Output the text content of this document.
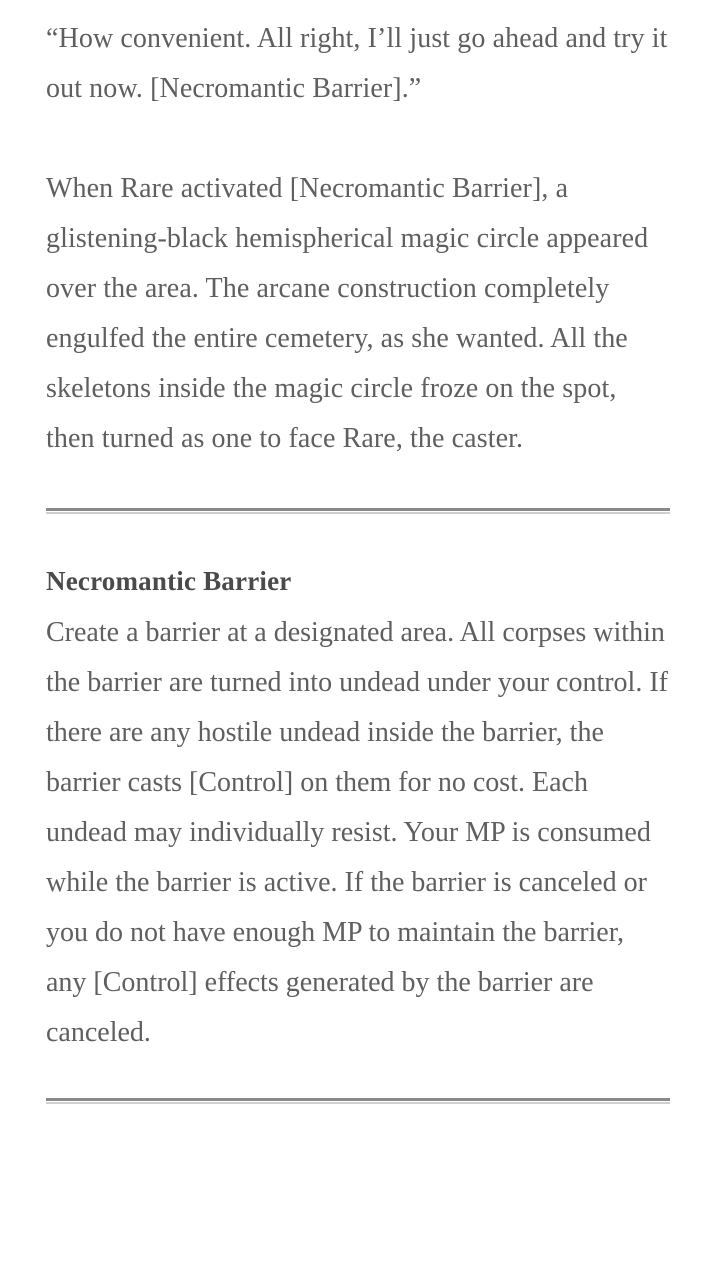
“How convenient. All right, I’ll just go ahead and try it out now. [Necromantic Barrier].”

When Rare activated [Necromantic Barrier], a glistening-black hemispherical magic circle appeared over the area. The arcane construction completely engulfed the entire cemetery, as she wanted. All the skeletons inside the magic circle froze on the spot, then turned as one to face Rare, the caster.

Necromantic Barrier

Create a barrier at a designated area. All corpses within the barrier are turned into undead under your control. If there are any hostile undead inside the barrier, the barrier casts [Control] on them for no cost. Each undead may individually resist. Your MP is consumed while the barrier is active. If the barrier is canceled or you do not have enough MP to maintain the barrier, any [Control] effects generated by the barrier are canceled.
